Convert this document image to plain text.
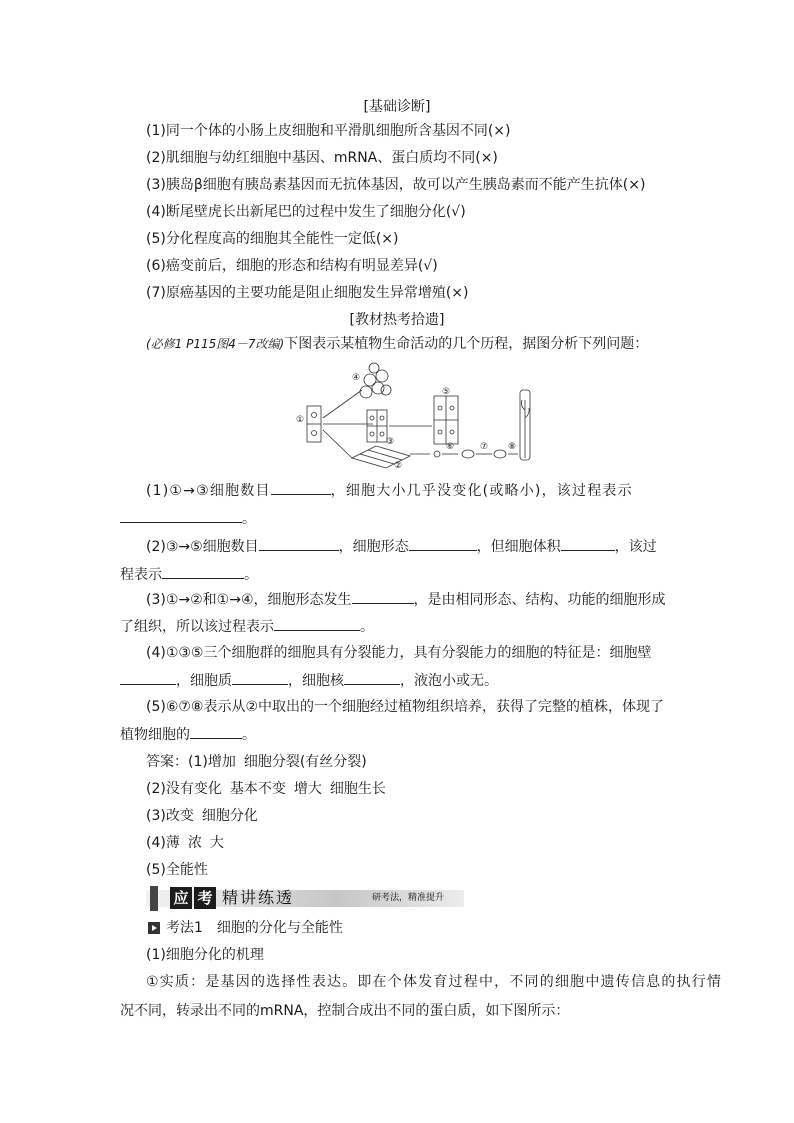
[基础诊断]
(1)同一个体的小肠上皮细胞和平滑肌细胞所含基因不同(×)
(2)肌细胞与幼红细胞中基因、mRNA、蛋白质均不同(×)
(3)胰岛β细胞有胰岛素基因而无抗体基因，故可以产生胰岛素而不能产生抗体(×)
(4)断尾壁虎长出新尾巴的过程中发生了细胞分化(√)
(5)分化程度高的细胞其全能性一定低(×)
(6)癌变前后，细胞的形态和结构有明显差异(√)
(7)原癌基因的主要功能是阻止细胞发生异常增殖(×)
[教材热考拾遗]
(必修1 P115图4－7改编)下图表示某植物生命活动的几个历程，据图分析下列问题：
①
②
③
④
⑤
⑥	⑦ ⑧
(1)①→③细胞数目	，细胞大小几乎没变化(或略小)，该过程表示
。
(2)③→⑤细胞数目	，细胞形态	，但细胞体积	，该过
程表示	。
(3)①→②和①→④，细胞形态发生	，是由相同形态、结构、功能的细胞形成
了组织，所以该过程表示	。
(4)①③⑤三个细胞群的细胞具有分裂能力，具有分裂能力的细胞的特征是：细胞壁
，细胞质	，细胞核	，液泡小或无。
(5)⑥⑦⑧表示从②中取出的一个细胞经过植物组织培养，获得了完整的植株，体现了
植物细胞的	。
答案：(1)增加 细胞分裂(有丝分裂)
(2)没有变化 基本不变 增大 细胞生长
(3)改变 细胞分化
(4)薄 浓 大
(5)全能性
应 考 精讲练透	研考法，精准提升
考法1　细胞的分化与全能性
(1)细胞分化的机理
①实质：是基因的选择性表达。即在个体发育过程中，不同的细胞中遗传信息的执行情
况不同，转录出不同的mRNA，控制合成出不同的蛋白质，如下图所示：
